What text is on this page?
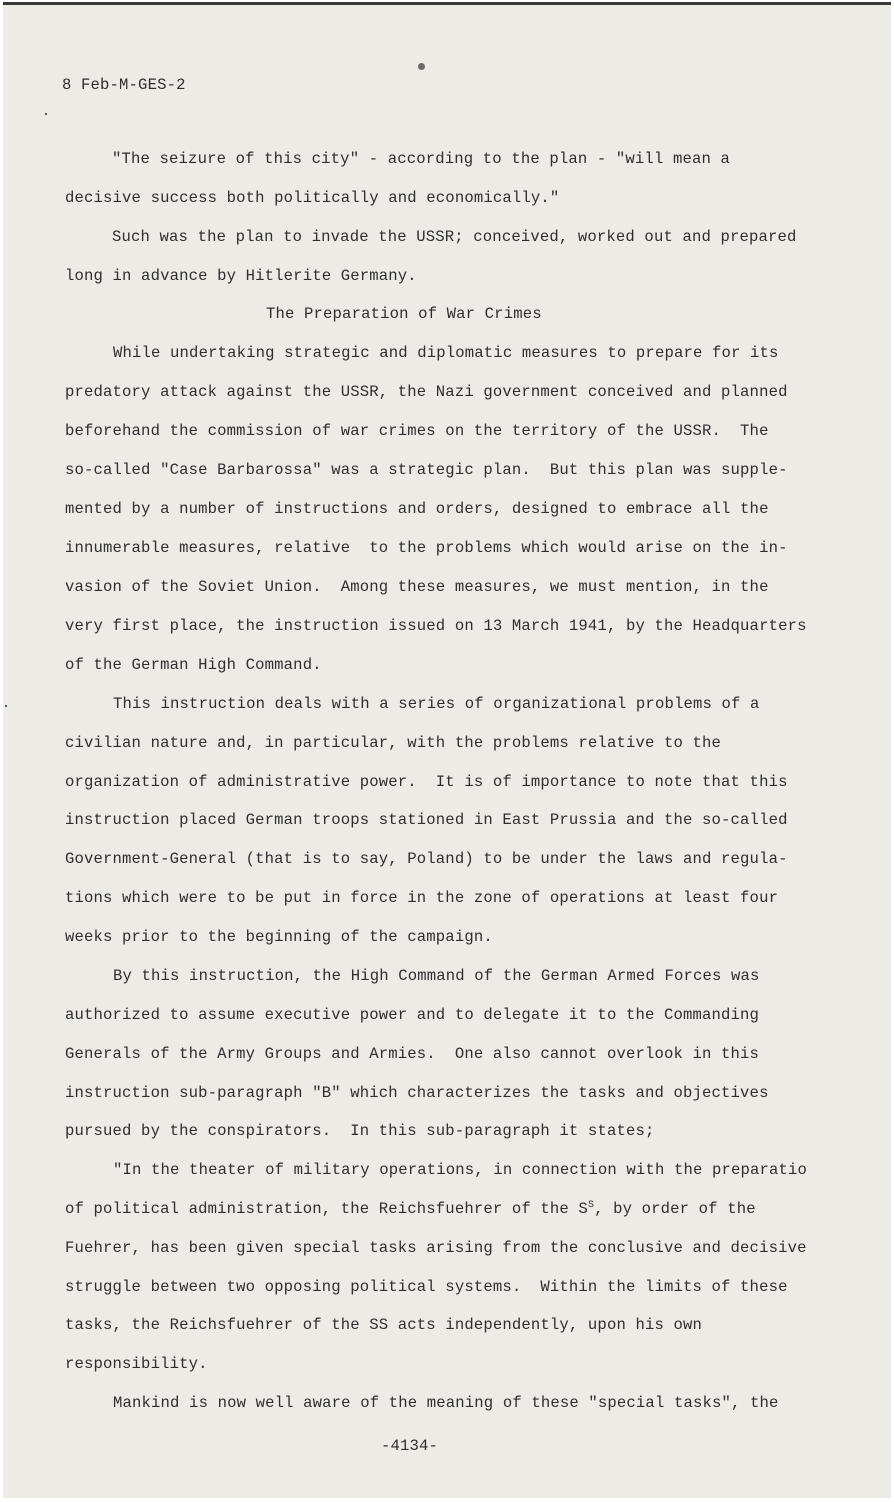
8 Feb-M-GES-2
"The seizure of this city" - according to the plan - "will mean a
decisive success both politically and economically."
Such was the plan to invade the USSR; conceived, worked out and prepared
long in advance by Hitlerite Germany.
The Preparation of War Crimes
While undertaking strategic and diplomatic measures to prepare for its
predatory attack against the USSR, the Nazi government conceived and planned
beforehand the commission of war crimes on the territory of the USSR.  The
so-called "Case Barbarossa" was a strategic plan.  But this plan was supple-
mented by a number of instructions and orders, designed to embrace all the
innumerable measures, relative  to the problems which would arise on the in-
vasion of the Soviet Union.  Among these measures, we must mention, in the
very first place, the instruction issued on 13 March 1941, by the Headquarters
of the German High Command.
This instruction deals with a series of organizational problems of a
civilian nature and, in particular, with the problems relative to the
organization of administrative power.  It is of importance to note that this
instruction placed German troops stationed in East Prussia and the so-called
Government-General (that is to say, Poland) to be under the laws and regula-
tions which were to be put in force in the zone of operations at least four
weeks prior to the beginning of the campaign.
By this instruction, the High Command of the German Armed Forces was
authorized to assume executive power and to delegate it to the Commanding
Generals of the Army Groups and Armies.  One also cannot overlook in this
instruction sub-paragraph "B" which characterizes the tasks and objectives
pursued by the conspirators.  In this sub-paragraph it states;
"In the theater of military operations, in connection with the preparatio
of political administration, the Reichsfuehrer of the $S^S$, by order of the
Fuehrer, has been given special tasks arising from the conclusive and decisive
struggle between two opposing political systems.  Within the limits of these
tasks, the Reichsfuehrer of the SS acts independently, upon his own
responsibility.
Mankind is now well aware of the meaning of these "special tasks", the
-4134-
